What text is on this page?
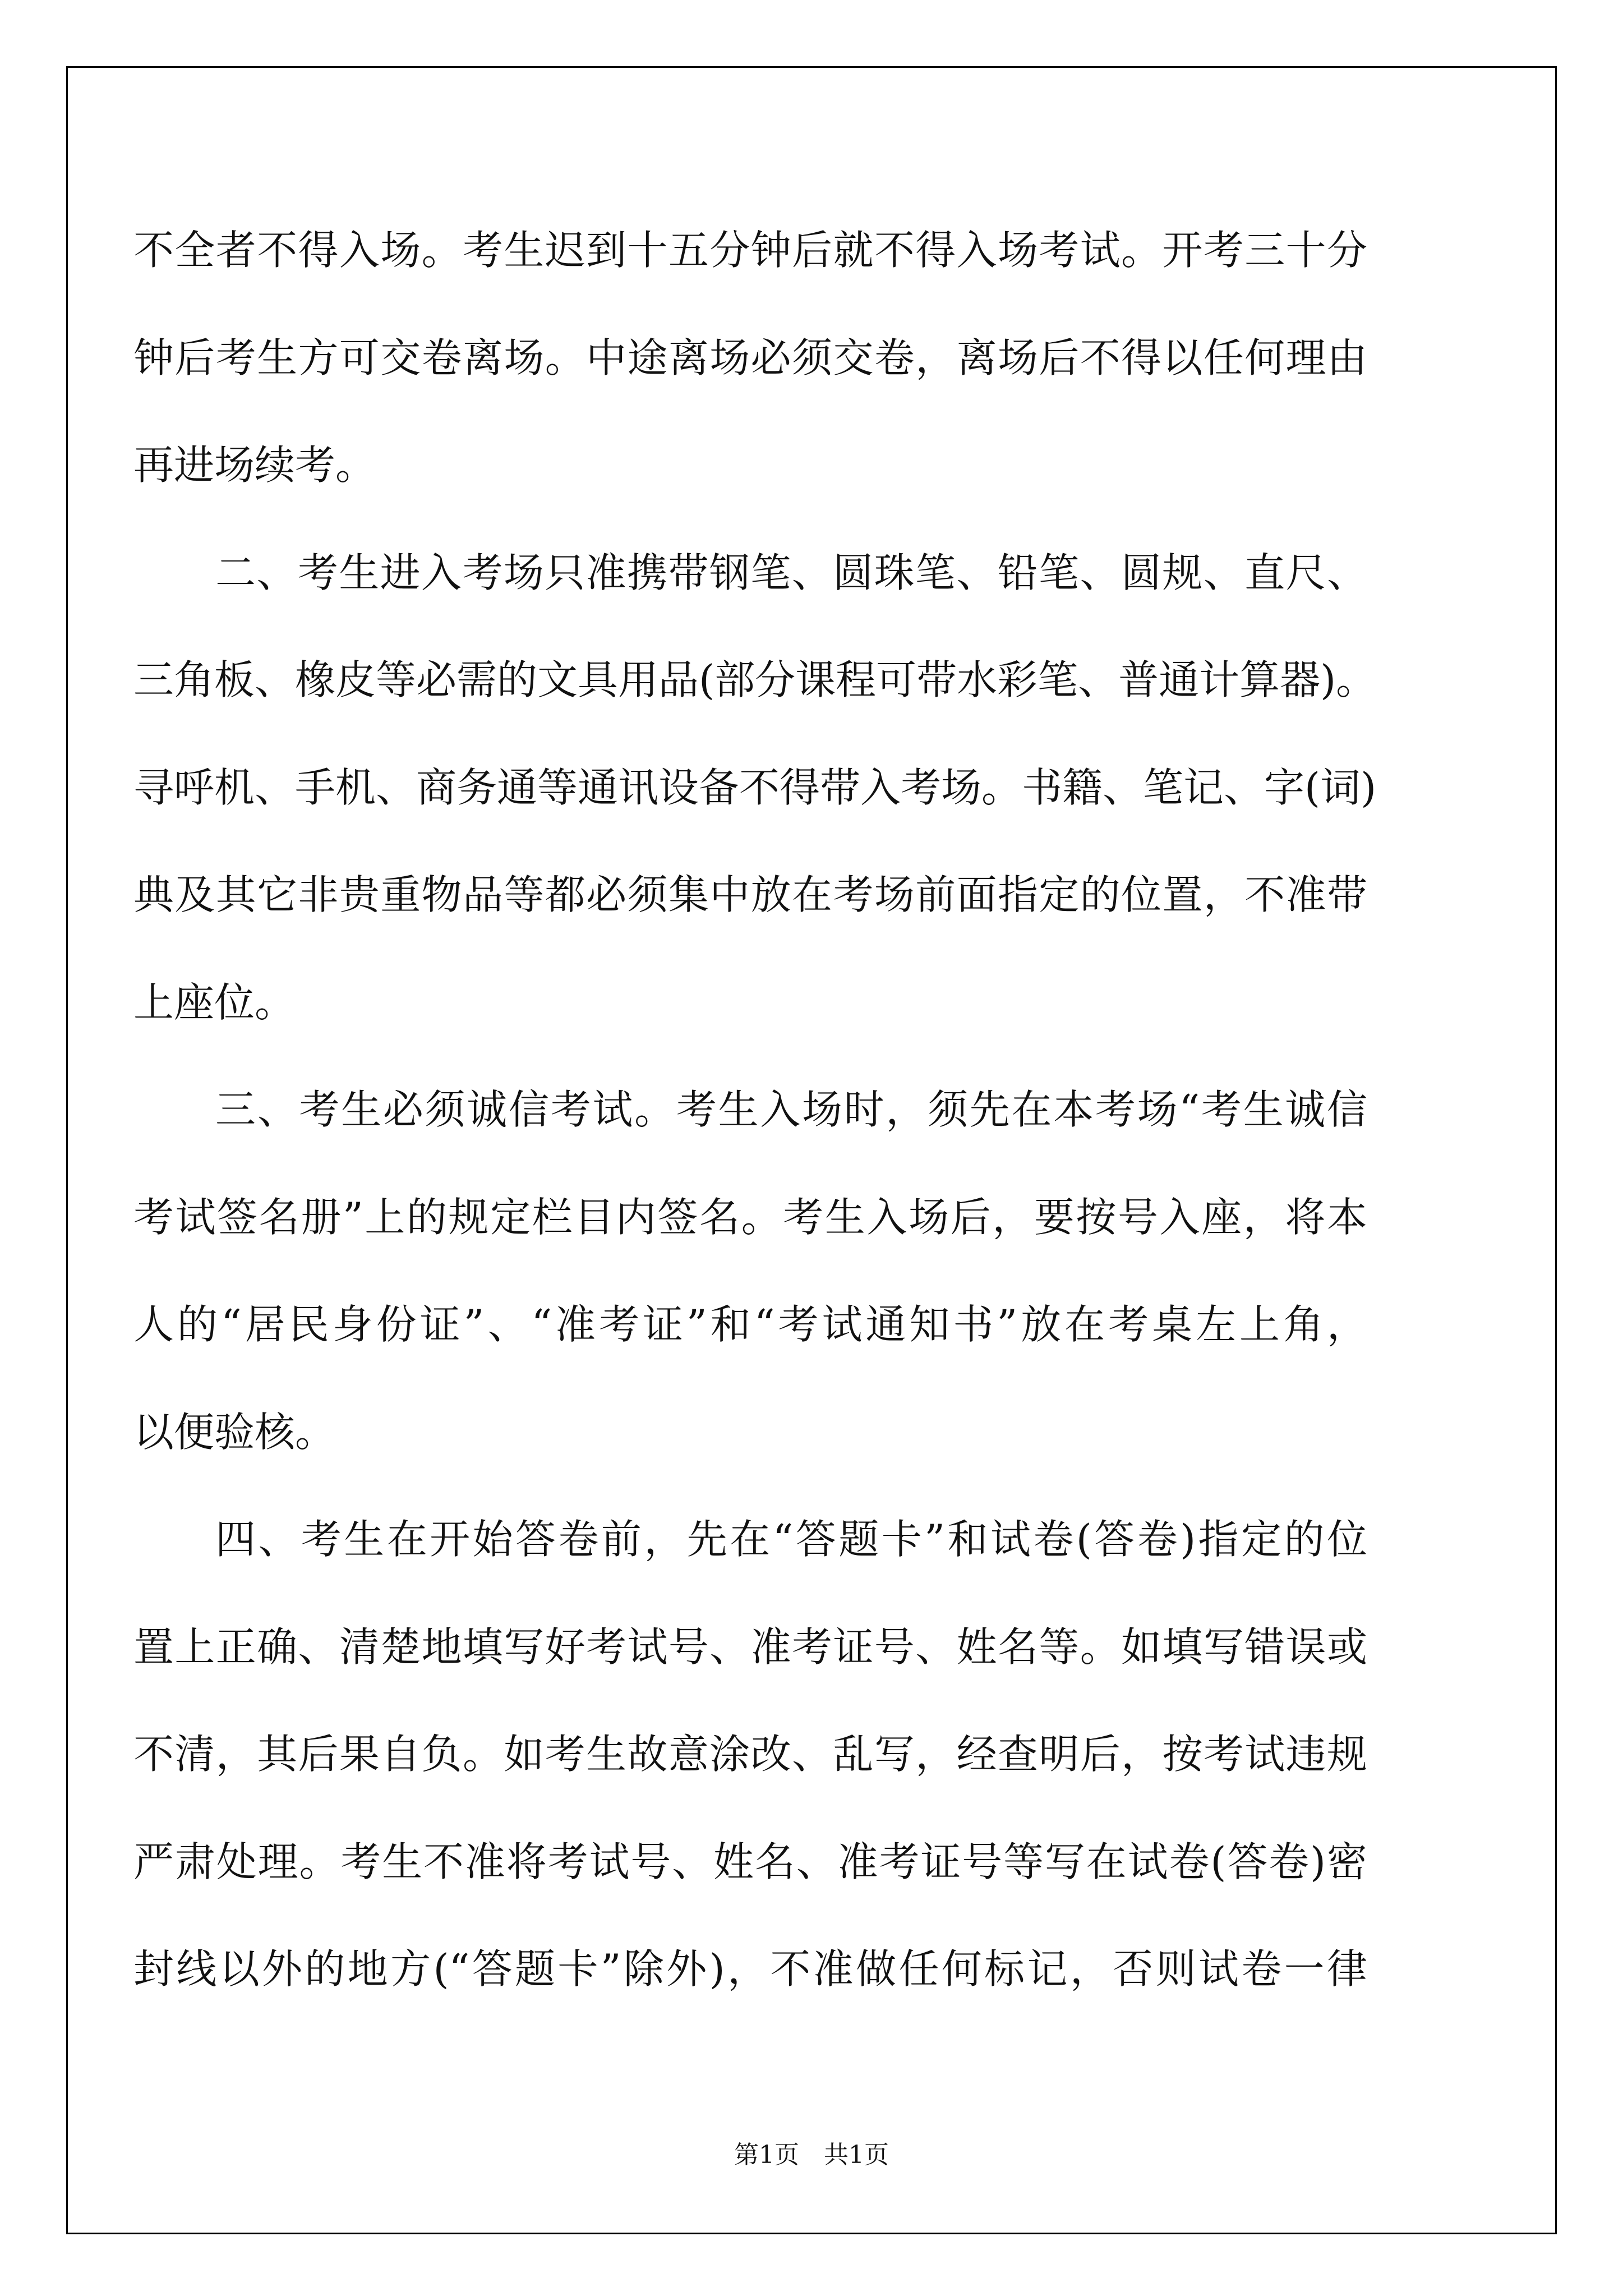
不全者不得入场。考生迟到十五分钟后就不得入场考试。开考三十分
钟后考生方可交卷离场。中途离场必须交卷，离场后不得以任何理由
再进场续考。
二、考生进入考场只准携带钢笔、圆珠笔、铅笔、圆规、直尺、
三角板、橡皮等必需的文具用品(部分课程可带水彩笔、普通计算器)。
寻呼机、手机、商务通等通讯设备不得带入考场。书籍、笔记、字(词)
典及其它非贵重物品等都必须集中放在考场前面指定的位置，不准带
上座位。
三、考生必须诚信考试。考生入场时，须先在本考场“考生诚信
考试签名册”上的规定栏目内签名。考生入场后，要按号入座，将本
人的“居民身份证”、“准考证”和“考试通知书”放在考桌左上角，
以便验核。
四、考生在开始答卷前，先在“答题卡”和试卷(答卷)指定的位
置上正确、清楚地填写好考试号、准考证号、姓名等。如填写错误或
不清，其后果自负。如考生故意涂改、乱写，经查明后，按考试违规
严肃处理。考生不准将考试号、姓名、准考证号等写在试卷(答卷)密
封线以外的地方(“答题卡”除外)，不准做任何标记，否则试卷一律
第1页　共1页
